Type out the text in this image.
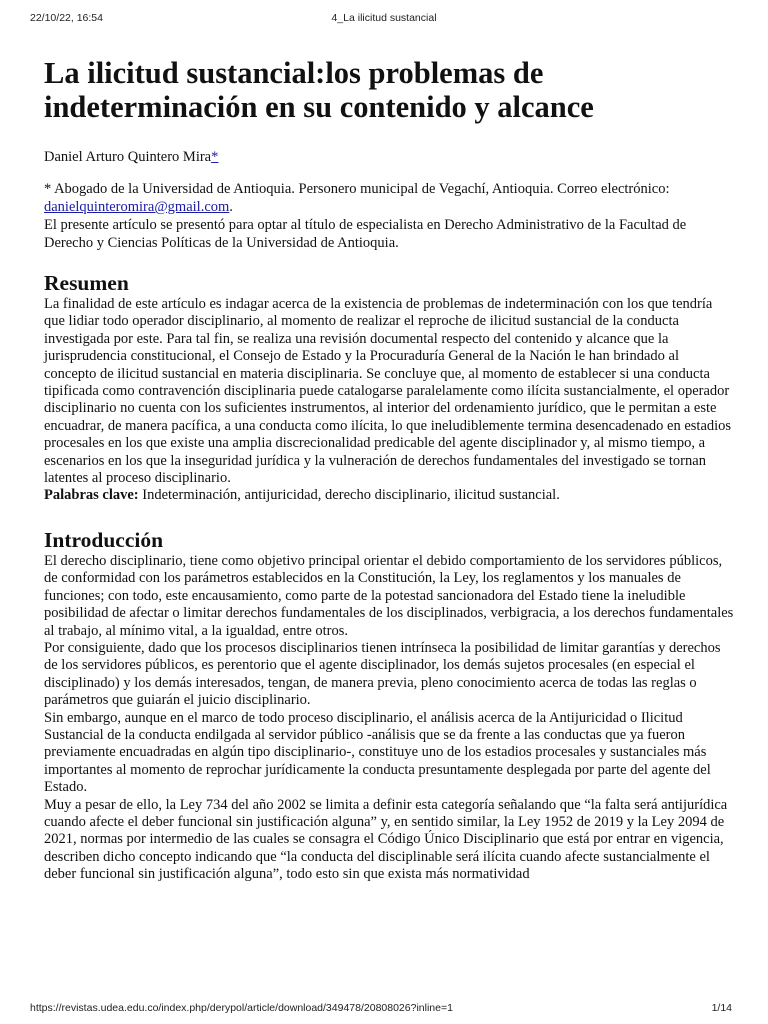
22/10/22, 16:54	4_La ilicitud sustancial
La ilicitud sustancial:los problemas de
indeterminación en su contenido y alcance
Daniel Arturo Quintero Mira*
* Abogado de la Universidad de Antioquia. Personero municipal de Vegachí, Antioquia. Correo electrónico:
danielquinteromira@gmail.com.
El presente artículo se presentó para optar al título de especialista en Derecho Administrativo de la Facultad de Derecho y Ciencias Políticas de la Universidad de Antioquia.
Resumen

La finalidad de este artículo es indagar acerca de la existencia de problemas de indeterminación con los que tendría que lidiar todo operador disciplinario, al momento de realizar el reproche de ilicitud sustancial de la conducta investigada por este. Para tal fin, se realiza una revisión documental respecto del contenido y alcance que la jurisprudencia constitucional, el Consejo de Estado y la Procuraduría General de la Nación le han brindado al concepto de ilicitud sustancial en materia disciplinaria. Se concluye que, al momento de establecer si una conducta tipificada como contravención disciplinaria puede catalogarse paralelamente como ilícita sustancialmente, el operador disciplinario no cuenta con los suficientes instrumentos, al interior del ordenamiento jurídico, que le permitan a este encuadrar, de manera pacífica, a una conducta como ilícita, lo que ineludiblemente termina desencadenado en estadios procesales en los que existe una amplia discrecionalidad predicable del agente disciplinador y, al mismo tiempo, a escenarios en los que la inseguridad jurídica y la vulneración de derechos fundamentales del investigado se tornan latentes al proceso disciplinario.

Palabras clave: Indeterminación, antijuricidad, derecho disciplinario, ilicitud sustancial.

Introducción

El derecho disciplinario, tiene como objetivo principal orientar el debido comportamiento de los servidores públicos, de conformidad con los parámetros establecidos en la Constitución, la Ley, los reglamentos y los manuales de funciones; con todo, este encausamiento, como parte de la potestad sancionadora del Estado tiene la ineludible posibilidad de afectar o limitar derechos fundamentales de los disciplinados, verbigracia, a los derechos fundamentales al trabajo, al mínimo vital, a la igualdad, entre otros.

Por consiguiente, dado que los procesos disciplinarios tienen intrínseca la posibilidad de limitar garantías y derechos de los servidores públicos, es perentorio que el agente disciplinador, los demás sujetos procesales (en especial el disciplinado) y los demás interesados, tengan, de manera previa, pleno conocimiento acerca de todas las reglas o parámetros que guiarán el juicio disciplinario.

Sin embargo, aunque en el marco de todo proceso disciplinario, el análisis acerca de la Antijuricidad o Ilicitud Sustancial de la conducta endilgada al servidor público -análisis que se da frente a las conductas que ya fueron previamente encuadradas en algún tipo disciplinario-, constituye uno de los estadios procesales y sustanciales más importantes al momento de reprochar jurídicamente la conducta presuntamente desplegada por parte del agente del Estado.

Muy a pesar de ello, la Ley 734 del año 2002 se limita a definir esta categoría señalando que “la falta será antijurídica cuando afecte el deber funcional sin justificación alguna” y, en sentido similar, la Ley 1952 de 2019 y la Ley 2094 de 2021, normas por intermedio de las cuales se consagra el Código Único Disciplinario que está por entrar en vigencia, describen dicho concepto indicando que “la conducta del disciplinable será ilícita cuando afecte sustancialmente el deber funcional sin justificación alguna”, todo esto sin que exista más normatividad

https://revistas.udea.edu.co/index.php/derypol/article/download/349478/20808026?inline=1	1/14
